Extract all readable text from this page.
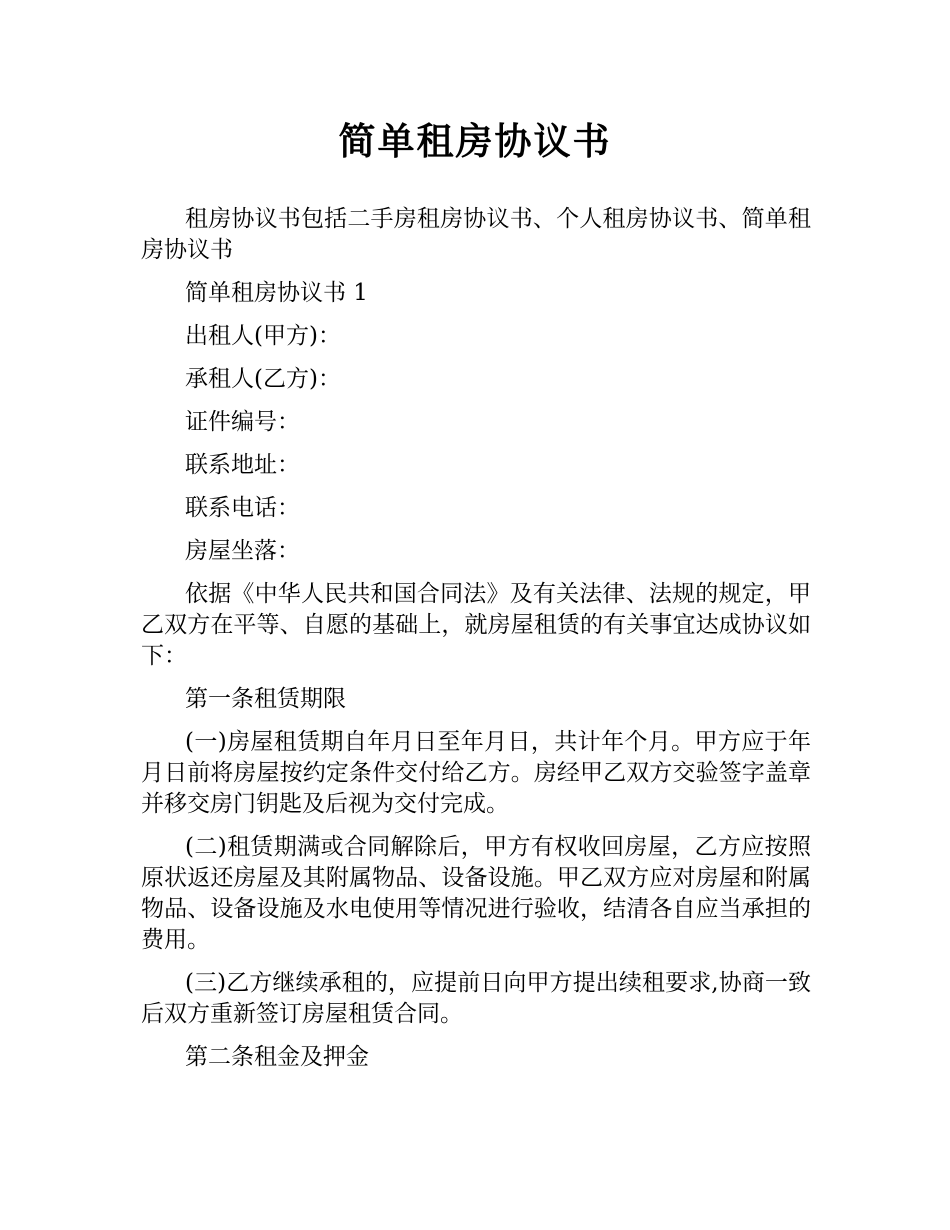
简单租房协议书

租房协议书包括二手房租房协议书、个人租房协议书、简单租房协议书

简单租房协议书 1

出租人(甲方)：

承租人(乙方)：

证件编号：

联系地址：

联系电话：

房屋坐落：

依据《中华人民共和国合同法》及有关法律、法规的规定，甲乙双方在平等、自愿的基础上，就房屋租赁的有关事宜达成协议如下：

第一条租赁期限

(一)房屋租赁期自年月日至年月日，共计年个月。甲方应于年月日前将房屋按约定条件交付给乙方。房经甲乙双方交验签字盖章并移交房门钥匙及后视为交付完成。

(二)租赁期满或合同解除后，甲方有权收回房屋，乙方应按照原状返还房屋及其附属物品、设备设施。甲乙双方应对房屋和附属物品、设备设施及水电使用等情况进行验收，结清各自应当承担的费用。

(三)乙方继续承租的，应提前日向甲方提出续租要求,协商一致后双方重新签订房屋租赁合同。

第二条租金及押金
